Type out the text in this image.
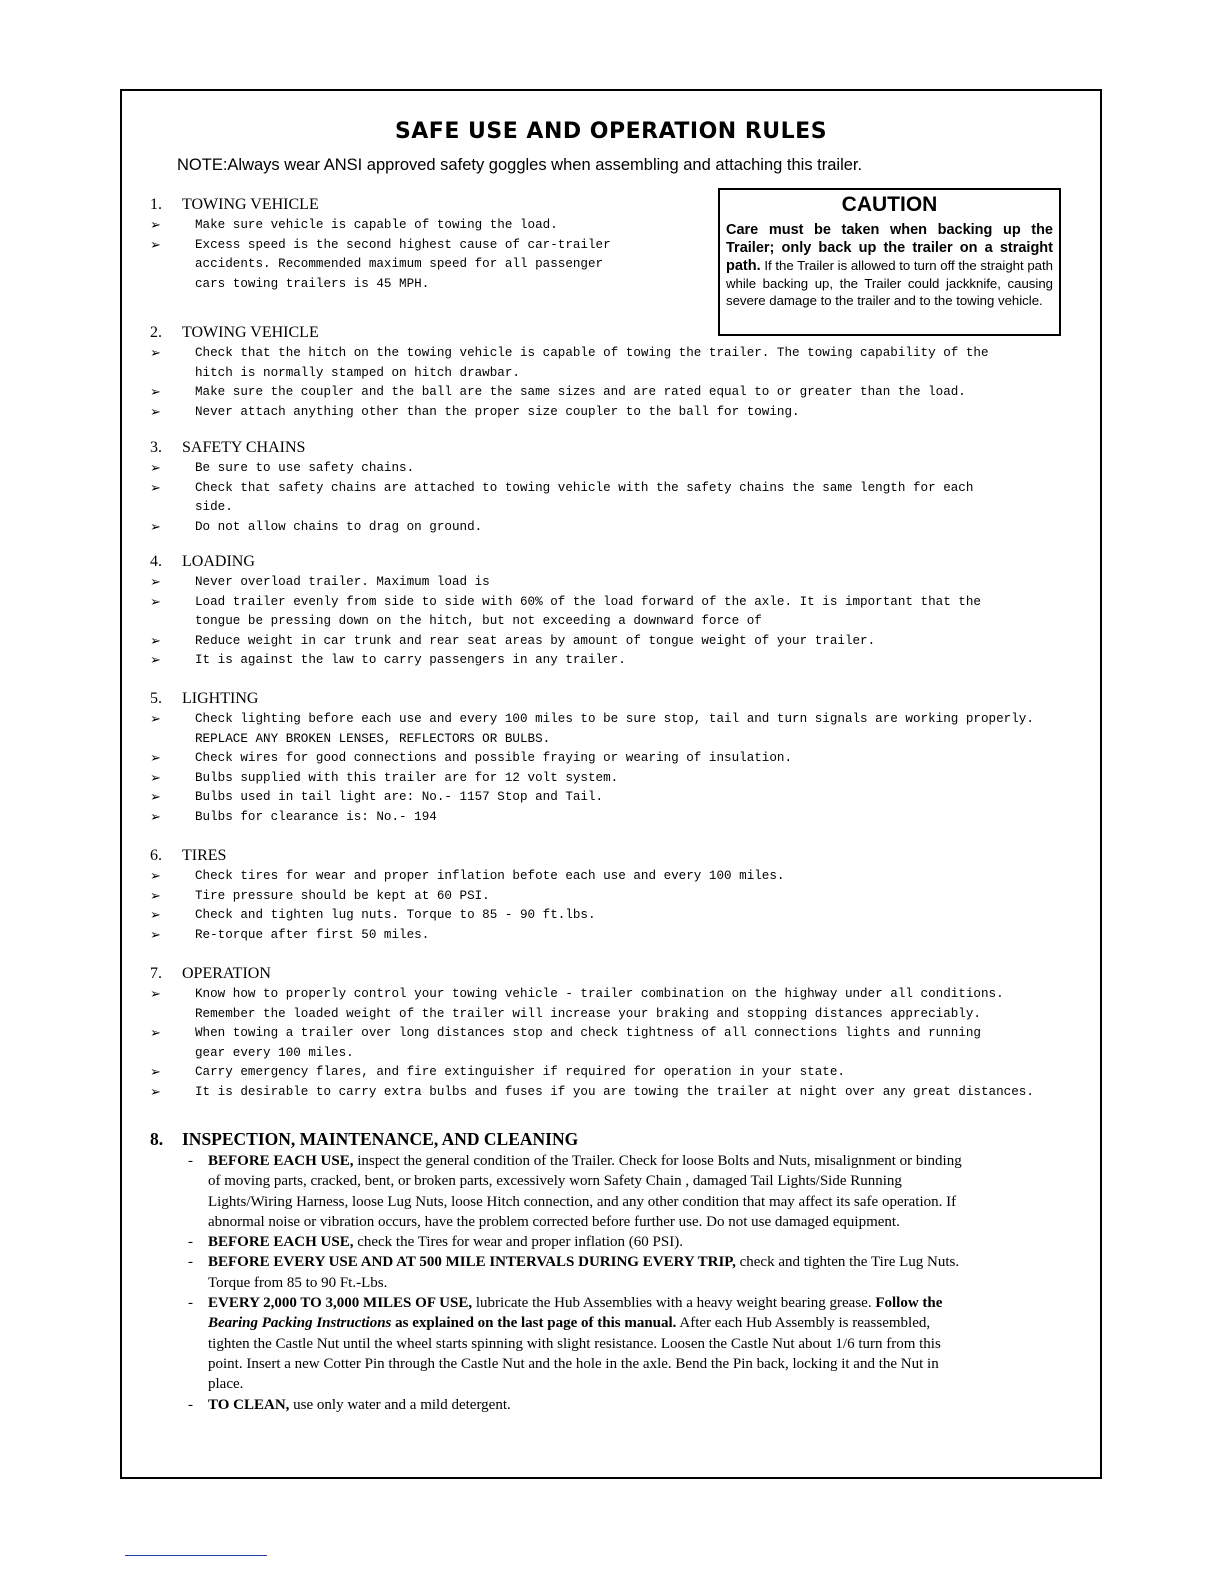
SAFE USE AND OPERATION RULES
NOTE:Always wear ANSI approved safety goggles when assembling and attaching this trailer.
CAUTION
Care must be taken when backing up the Trailer; only back up the trailer on a straight path. If the Trailer is allowed to turn off the straight path while backing up, the Trailer could jackknife, causing severe damage to the trailer and to the towing vehicle.
1. TOWING VEHICLE
➢	Make sure vehicle is capable of towing the load.
➢	Excess speed is the second highest cause of car-trailer
accidents. Recommended maximum speed for all passenger
cars towing trailers is 45 MPH.
2. TOWING VEHICLE
➢	Check that the hitch on the towing vehicle is capable of towing the trailer. The towing capability of the
hitch is normally stamped on hitch drawbar.
➢	Make sure the coupler and the ball are the same sizes and are rated equal to or greater than the load.
➢	Never attach anything other than the proper size coupler to the ball for towing.
3. SAFETY CHAINS
➢	Be sure to use safety chains.
➢	Check that safety chains are attached to towing vehicle with the safety chains the same length for each
side.
➢	Do not allow chains to drag on ground.
4. LOADING
➢	Never overload trailer. Maximum load is
➢	Load trailer evenly from side to side with 60% of the load forward of the axle. It is important that the
tongue be pressing down on the hitch, but not exceeding a downward force of
➢	Reduce weight in car trunk and rear seat areas by amount of tongue weight of your trailer.
➢	It is against the law to carry passengers in any trailer.
5. LIGHTING
➢	Check lighting before each use and every 100 miles to be sure stop, tail and turn signals are working properly.
REPLACE ANY BROKEN LENSES, REFLECTORS OR BULBS.
➢	Check wires for good connections and possible fraying or wearing of insulation.
➢	Bulbs supplied with this trailer are for 12 volt system.
➢	Bulbs used in tail light are: No.- 1157 Stop and Tail.
➢	Bulbs for clearance is: No.- 194
6. TIRES
➢	Check tires for wear and proper inflation befote each use and every 100 miles.
➢	Tire pressure should be kept at 60 PSI.
➢	Check and tighten lug nuts. Torque to 85 - 90 ft.lbs.
➢	Re-torque after first 50 miles.
7. OPERATION
➢	Know how to properly control your towing vehicle - trailer combination on the highway under all conditions.
Remember the loaded weight of the trailer will increase your braking and stopping distances appreciably.
➢	When towing a trailer over long distances stop and check tightness of all connections lights and running
gear every 100 miles.
➢	Carry emergency flares, and fire extinguisher if required for operation in your state.
➢	It is desirable to carry extra bulbs and fuses if you are towing the trailer at night over any great distances.
8. INSPECTION, MAINTENANCE, AND CLEANING
- BEFORE EACH USE, inspect the general condition of the Trailer. Check for loose Bolts and Nuts, misalignment or binding of moving parts, cracked, bent, or broken parts, excessively worn Safety Chain , damaged Tail Lights/Side Running Lights/Wiring Harness, loose Lug Nuts, loose Hitch connection, and any other condition that may affect its safe operation. If abnormal noise or vibration occurs, have the problem corrected before further use. Do not use damaged equipment.
- BEFORE EACH USE, check the Tires for wear and proper inflation (60 PSI).
- BEFORE EVERY USE AND AT 500 MILE INTERVALS DURING EVERY TRIP, check and tighten the Tire Lug Nuts. Torque from 85 to 90 Ft.-Lbs.
- EVERY 2,000 TO 3,000 MILES OF USE, lubricate the Hub Assemblies with a heavy weight bearing grease. Follow the Bearing Packing Instructions as explained on the last page of this manual. After each Hub Assembly is reassembled, tighten the Castle Nut until the wheel starts spinning with slight resistance. Loosen the Castle Nut about 1/6 turn from this point. Insert a new Cotter Pin through the Castle Nut and the hole in the axle. Bend the Pin back, locking it and the Nut in place.
- TO CLEAN, use only water and a mild detergent.
